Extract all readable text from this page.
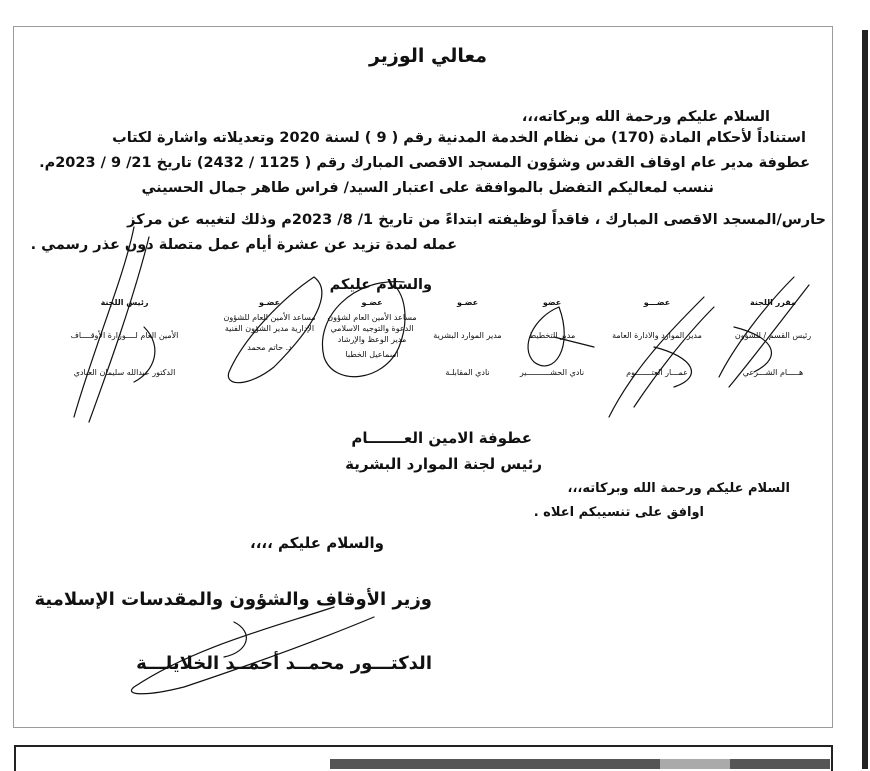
معالي الوزير
السلام عليكم ورحمة الله وبركاته،،،
استناداً لأحكام المادة (170) من نظام الخدمة المدنية رقم ( 9 ) لسنة 2020 وتعديلاته واشارة لكتاب
عطوفة مدير عام اوقاف القدس وشؤون المسجد الاقصى المبارك رقم ( 1125 / 2432) تاريخ 21/ 9 / 2023م.
ننسب لمعاليكم التفضل بالموافقة على اعتبار السيد/ فراس طاهر جمال الحسيني
حارس/المسجد الاقصى المبارك ، فاقداً لوظيفته ابتداءً من تاريخ 1/ 8/ 2023م وذلك لتغيبه عن مركز
عمله لمدة تزيد عن عشرة أيام عمل متصلة دون عذر رسمي .
والسلام عليكم
مقرر اللجنة
رئيس القسم / للشؤون
هـــــام الشـــرعي
عضـــو
مدير الموارد والادارة العامة
عمـــار العتـــــــوم
عضو
مدير التخطيط
نادي الحشــــــــــير
عضـو
مدير الموارد البشرية
نادي المقابلـة
عضـو
مساعد الأمين العام لشؤون الدعوة والتوجيه الاسلامي مدير الوعظ والإرشاد
اسماعيل الخطبا
عضـو
مساعد الأمين العام للشؤون الإدارية مدير الشؤون الفنية
د. حاتم محمد
رئيس اللجنة
الأمين العام لــــوزارة الأوقــــاف
الدكتور عبدالله سليمان العبادي
عطوفة الامين العـــــــام
رئيس لجنة الموارد البشرية
السلام عليكم ورحمة الله وبركاته،،،
اوافق على تنسيبكم اعلاه .
والسلام عليكم ،،،،
وزير الأوقاف والشؤون والمقدسات الإسلامية
الدكتـــور محمــد أحمــد الخلايلـــة
